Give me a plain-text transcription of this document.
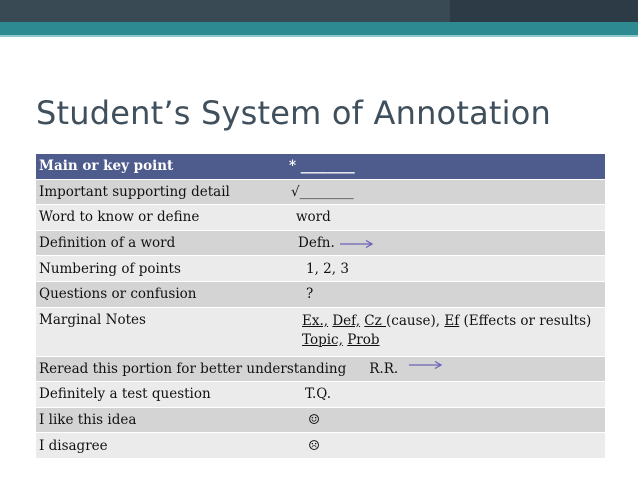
Student’s System of Annotation
Main or key point	* ________
Important supporting detail	√________
Word to know or define	word
Definition of a word	Defn.
Numbering of points	1, 2, 3
Questions or confusion	?
Marginal Notes	Ex., Def, Cz (cause), Ef (Effects or results)
Topic, Prob
Reread this portion for better understanding R.R.	
Definitely a test question	T.Q.
I like this idea	☺
I disagree	☹
